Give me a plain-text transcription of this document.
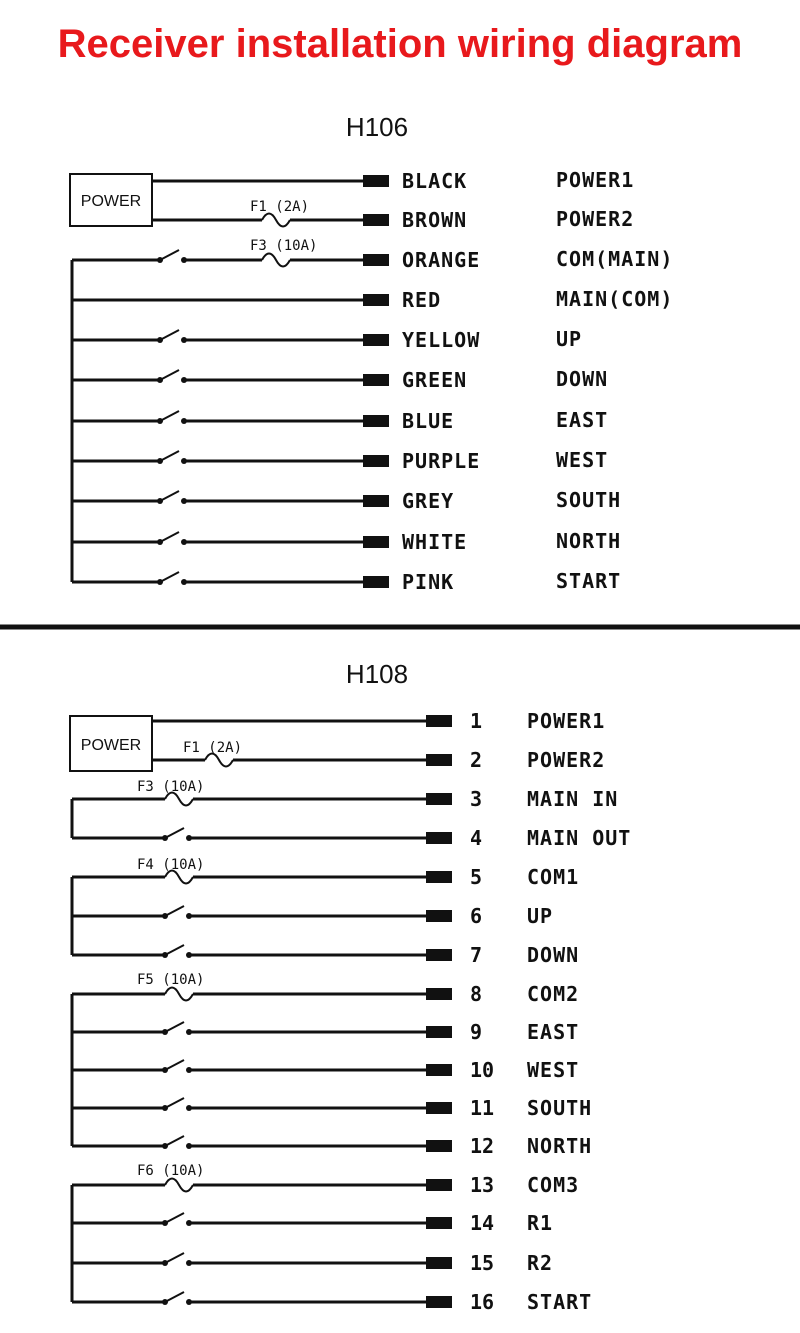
Receiver installation wiring diagram
H106
POWER	F1 (2A)
F3 (10A)
BLACK	POWER1
BROWN	POWER2
ORANGE	COM(MAIN)
RED	MAIN(COM)
YELLOW	UP
GREEN	DOWN
BLUE	EAST
PURPLE	WEST
GREY	SOUTH
WHITE	NORTH
PINK	START
H108
POWER	F1 (2A)
F3 (10A)
F4 (10A)
F5 (10A)
F6 (10A)
1 POWER1
2 POWER2
3 MAIN IN
4 MAIN OUT
5 COM1
6 UP
7 DOWN
8 COM2
9 EAST
10 WEST
11 SOUTH
12 NORTH
13 COM3
14 R1
15 R2
16 START
